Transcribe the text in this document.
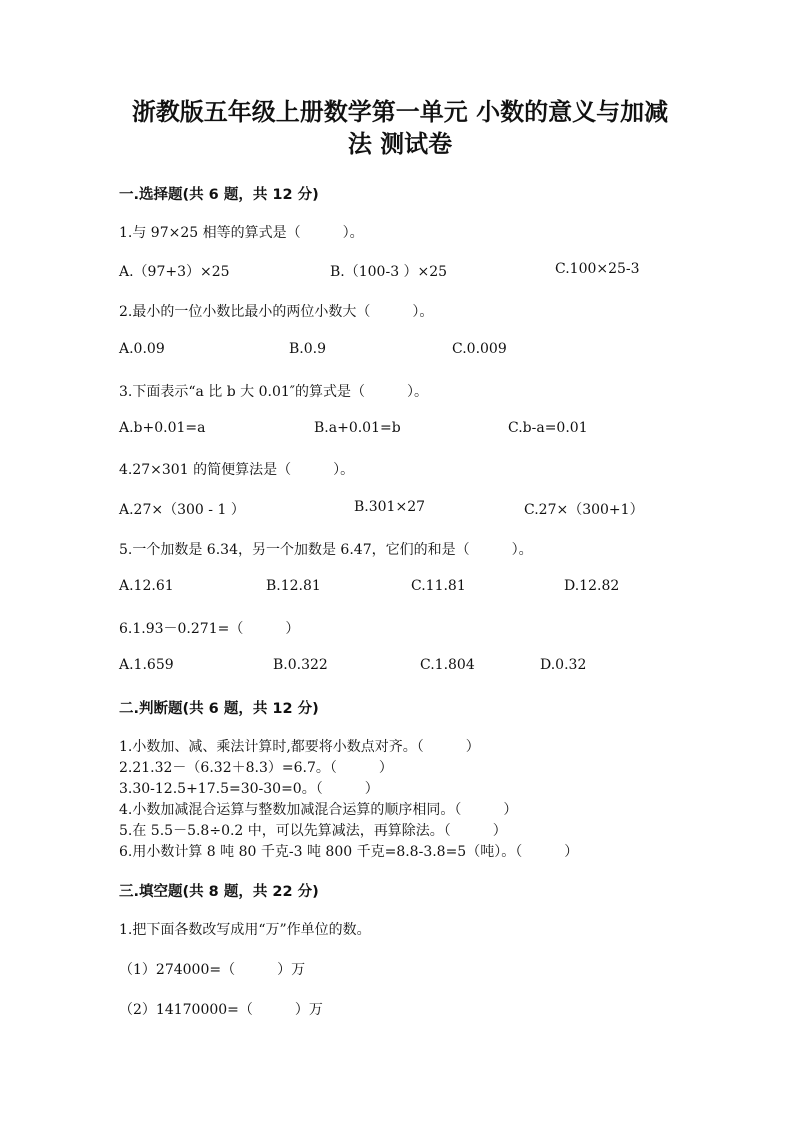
浙教版五年级上册数学第一单元 小数的意义与加减
法 测试卷
一.选择题(共 6 题，共 12 分)
1.与 97×25 相等的算式是（　　　）。
A.（97+3）×25	B.（100-3 ）×25	C.100×25-3
2.最小的一位小数比最小的两位小数大（　　　）。
A.0.09	B.0.9	C.0.009
3.下面表示“a 比 b 大 0.01″的算式是（　　　）。
A.b+0.01=a	B.a+0.01=b	C.b-a=0.01
4.27×301 的简便算法是（　　　）。
A.27×（300 - 1 ）	B.301×27	C.27×（300+1）
5.一个加数是 6.34，另一个加数是 6.47，它们的和是（　　　）。
A.12.61	B.12.81	C.11.81	D.12.82
6.1.93－0.271=（　　　）
A.1.659	B.0.322	C.1.804	D.0.32
二.判断题(共 6 题，共 12 分)
1.小数加、减、乘法计算时,都要将小数点对齐。（　　　）
2.21.32－（6.32＋8.3）=6.7。（　　　）
3.30-12.5+17.5=30-30=0。（　　　）
4.小数加减混合运算与整数加减混合运算的顺序相同。（　　　）
5.在 5.5－5.8÷0.2 中，可以先算减法，再算除法。（　　　）
6.用小数计算 8 吨 80 千克-3 吨 800 千克=8.8-3.8=5（吨）。（　　　）
三.填空题(共 8 题，共 22 分)
1.把下面各数改写成用“万”作单位的数。
（1）274000=（　　　）万
（2）14170000=（　　　）万
